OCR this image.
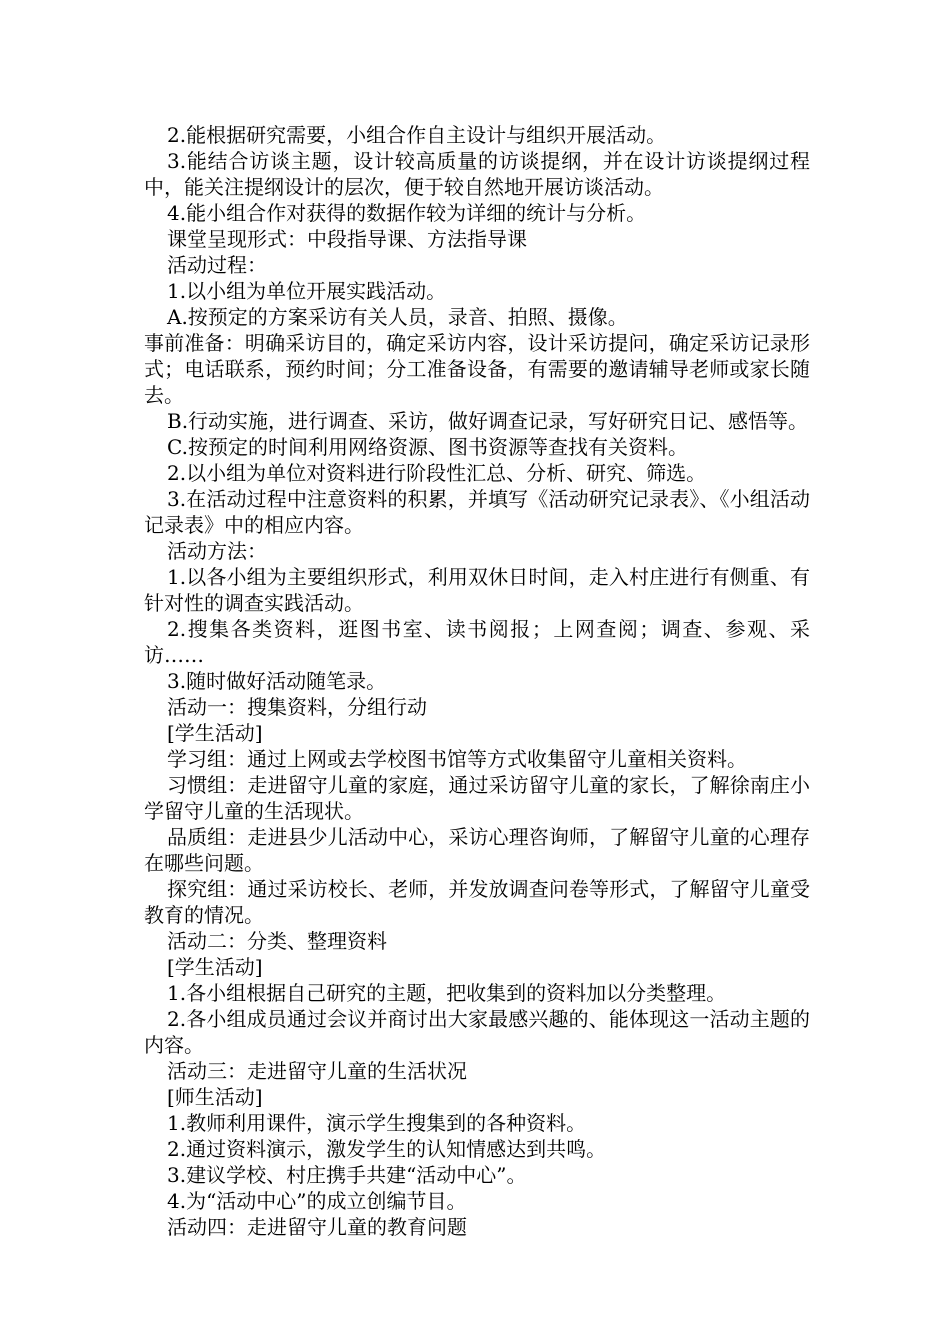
2.能根据研究需要，小组合作自主设计与组织开展活动。

3.能结合访谈主题，设计较高质量的访谈提纲，并在设计访谈提纲过程中，能关注提纲设计的层次，便于较自然地开展访谈活动。

4.能小组合作对获得的数据作较为详细的统计与分析。

课堂呈现形式：中段指导课、方法指导课

活动过程：

1.以小组为单位开展实践活动。

A.按预定的方案采访有关人员，录音、拍照、摄像。

事前准备：明确采访目的，确定采访内容，设计采访提问，确定采访记录形式；电话联系，预约时间；分工准备设备，有需要的邀请辅导老师或家长随去。

B.行动实施，进行调查、采访，做好调查记录，写好研究日记、感悟等。

C.按预定的时间利用网络资源、图书资源等查找有关资料。

2.以小组为单位对资料进行阶段性汇总、分析、研究、筛选。

3.在活动过程中注意资料的积累，并填写《活动研究记录表》、《小组活动记录表》中的相应内容。

活动方法：

1.以各小组为主要组织形式，利用双休日时间，走入村庄进行有侧重、有针对性的调查实践活动。

2.搜集各类资料，逛图书室、读书阅报；上网查阅；调查、参观、采访……

3.随时做好活动随笔录。

活动一：搜集资料，分组行动

[学生活动]

学习组：通过上网或去学校图书馆等方式收集留守儿童相关资料。

习惯组：走进留守儿童的家庭，通过采访留守儿童的家长，了解徐南庄小学留守儿童的生活现状。

品质组：走进县少儿活动中心，采访心理咨询师，了解留守儿童的心理存在哪些问题。

探究组：通过采访校长、老师，并发放调查问卷等形式，了解留守儿童受教育的情况。

活动二：分类、整理资料

[学生活动]

1.各小组根据自己研究的主题，把收集到的资料加以分类整理。

2.各小组成员通过会议并商讨出大家最感兴趣的、能体现这一活动主题的内容。

活动三：走进留守儿童的生活状况

[师生活动]

1.教师利用课件，演示学生搜集到的各种资料。

2.通过资料演示，激发学生的认知情感达到共鸣。

3.建议学校、村庄携手共建“活动中心”。

4.为“活动中心”的成立创编节目。

活动四：走进留守儿童的教育问题
